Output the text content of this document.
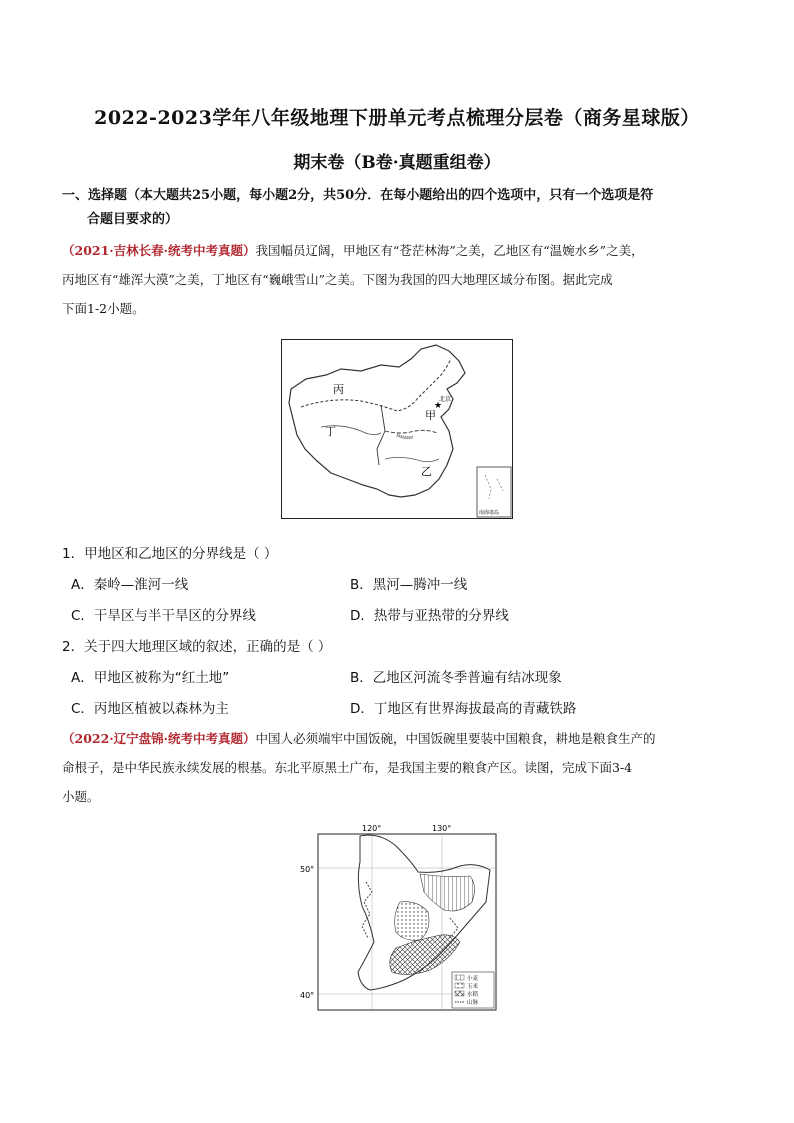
2022-2023学年八年级地理下册单元考点梳理分层卷（商务星球版）
期末卷（B卷·真题重组卷）
一、选择题（本大题共25小题，每小题2分，共50分．在每小题给出的四个选项中，只有一个选项是符
合题目要求的）
（2021·吉林长春·统考中考真题）我国幅员辽阔，甲地区有“苍茫林海”之美，乙地区有“温婉水乡”之美，
丙地区有“雄浑大漠”之美，丁地区有“巍峨雪山”之美。下图为我国的四大地理区域分布图。据此完成
下面1-2小题。
丙
甲
丁
乙
北京
★
南海诸岛
1．甲地区和乙地区的分界线是（ ）
A．秦岭—淮河一线	B．黑河—腾冲一线
C．干旱区与半干旱区的分界线	D．热带与亚热带的分界线
2．关于四大地理区域的叙述，正确的是（ ）
A．甲地区被称为“红土地”	B．乙地区河流冬季普遍有结冰现象
C．丙地区植被以森林为主	D．丁地区有世界海拔最高的青藏铁路
（2022·辽宁盘锦·统考中考真题）中国人必须端牢中国饭碗，中国饭碗里要装中国粮食，耕地是粮食生产的
命根子，是中华民族永续发展的根基。东北平原黑土广布，是我国主要的粮食产区。读图，完成下面3-4
小题。
120°	130°
50°
40°
小麦
玉米
水稻
山脉
